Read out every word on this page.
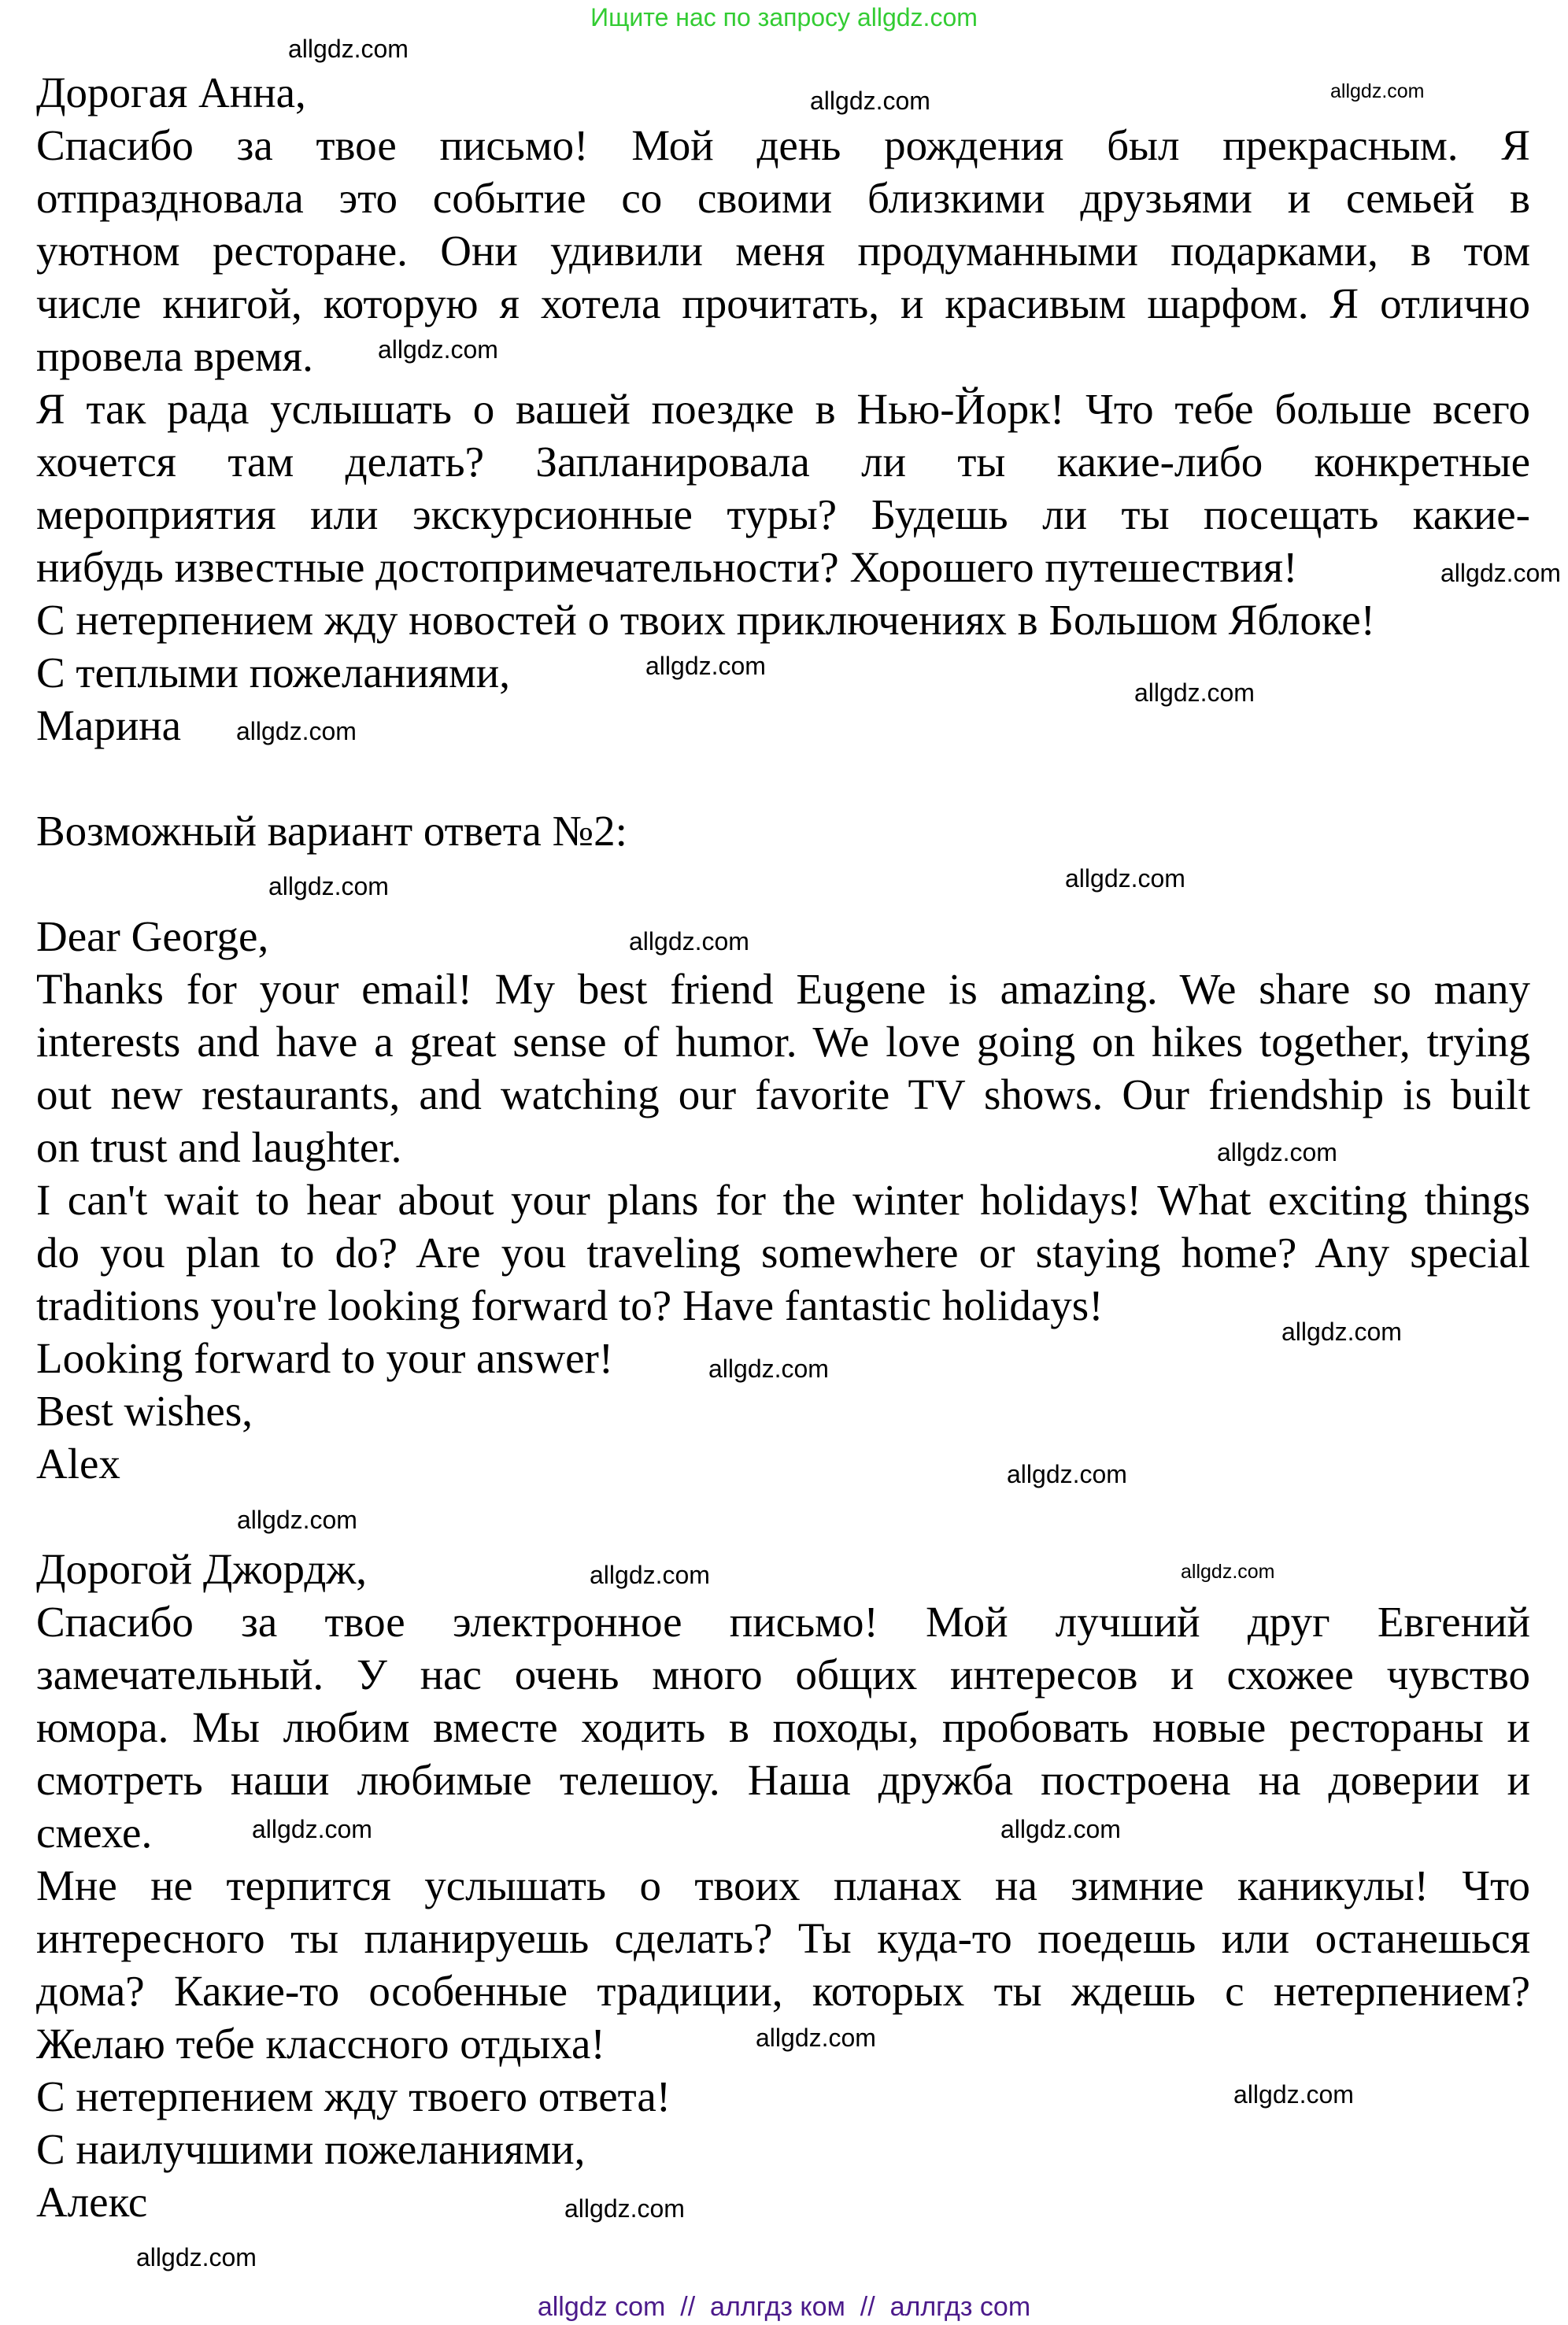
Ищите нас по запросу allgdz.com
Дорогая Анна,
Спасибо за твое письмо! Мой день рождения был прекрасным. Я
отпраздновала это событие со своими близкими друзьями и семьей в
уютном ресторане. Они удивили меня продуманными подарками, в том
числе книгой, которую я хотела прочитать, и красивым шарфом. Я отлично
провела время.
Я так рада услышать о вашей поездке в Нью-Йорк! Что тебе больше всего
хочется там делать? Запланировала ли ты какие-либо конкретные
мероприятия или экскурсионные туры? Будешь ли ты посещать какие-
нибудь известные достопримечательности? Хорошего путешествия!
С нетерпением жду новостей о твоих приключениях в Большом Яблоке!
С теплыми пожеланиями,
Марина
Возможный вариант ответа №2:
Dear George,
Thanks for your email! My best friend Eugene is amazing. We share so many
interests and have a great sense of humor. We love going on hikes together, trying
out new restaurants, and watching our favorite TV shows. Our friendship is built
on trust and laughter.
I can't wait to hear about your plans for the winter holidays! What exciting things
do you plan to do? Are you traveling somewhere or staying home? Any special
traditions you're looking forward to? Have fantastic holidays!
Looking forward to your answer!
Best wishes,
Alex
Дорогой Джордж,
Спасибо за твое электронное письмо! Мой лучший друг Евгений
замечательный. У нас очень много общих интересов и схожее чувство
юмора. Мы любим вместе ходить в походы, пробовать новые рестораны и
смотреть наши любимые телешоу. Наша дружба построена на доверии и
смехе.
Мне не терпится услышать о твоих планах на зимние каникулы! Что
интересного ты планируешь сделать? Ты куда-то поедешь или останешься
дома? Какие-то особенные традиции, которых ты ждешь с нетерпением?
Желаю тебе классного отдыха!
С нетерпением жду твоего ответа!
С наилучшими пожеланиями,
Алекс
allgdz.com
allgdz.com	allgdz.com
allgdz.com
allgdz.com
allgdz.com
allgdz.com
allgdz.com
allgdz.com
allgdz.com
allgdz.com
allgdz.com
allgdz.com
allgdz.com
allgdz.com
allgdz.com
allgdz.com	allgdz.com
allgdz.com	allgdz.com
allgdz.com
allgdz.com
allgdz.com
allgdz.com
allgdz com  //  аллгдз ком  //  аллгдз com
